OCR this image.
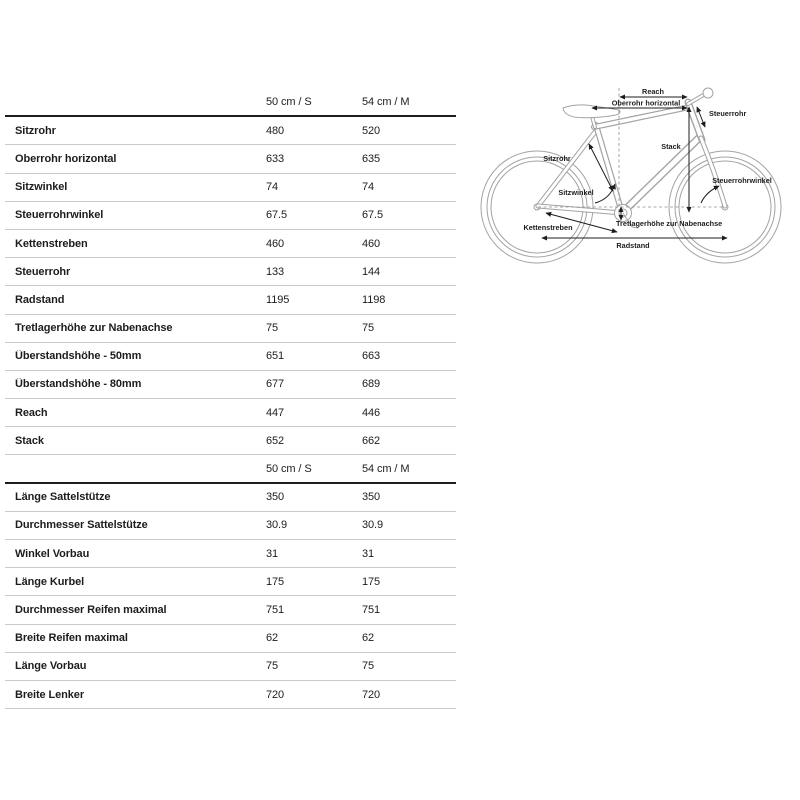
50 cm / S	54 cm / M
Sitzrohr	480	520
Oberrohr horizontal	633	635
Sitzwinkel	74	74
Steuerrohrwinkel	67.5	67.5
Kettenstreben	460	460
Steuerrohr	133	144
Radstand	1195	1198
Tretlagerhöhe zur Nabenachse	75	75
Überstandshöhe - 50mm	651	663
Überstandshöhe - 80mm	677	689
Reach	447	446
Stack	652	662
50 cm / S	54 cm / M
Länge Sattelstütze	350	350
Durchmesser Sattelstütze	30.9	30.9
Winkel Vorbau	31	31
Länge Kurbel	175	175
Durchmesser Reifen maximal	751	751
Breite Reifen maximal	62	62
Länge Vorbau	75	75
Breite Lenker	720	720
Reach
Oberrohr horizontal
Steuerrohr
Stack
Sitzrohr
Sitzwinkel
Steuerrohrwinkel
Kettenstreben	Tretlagerhöhe zur Nabenachse
Radstand
